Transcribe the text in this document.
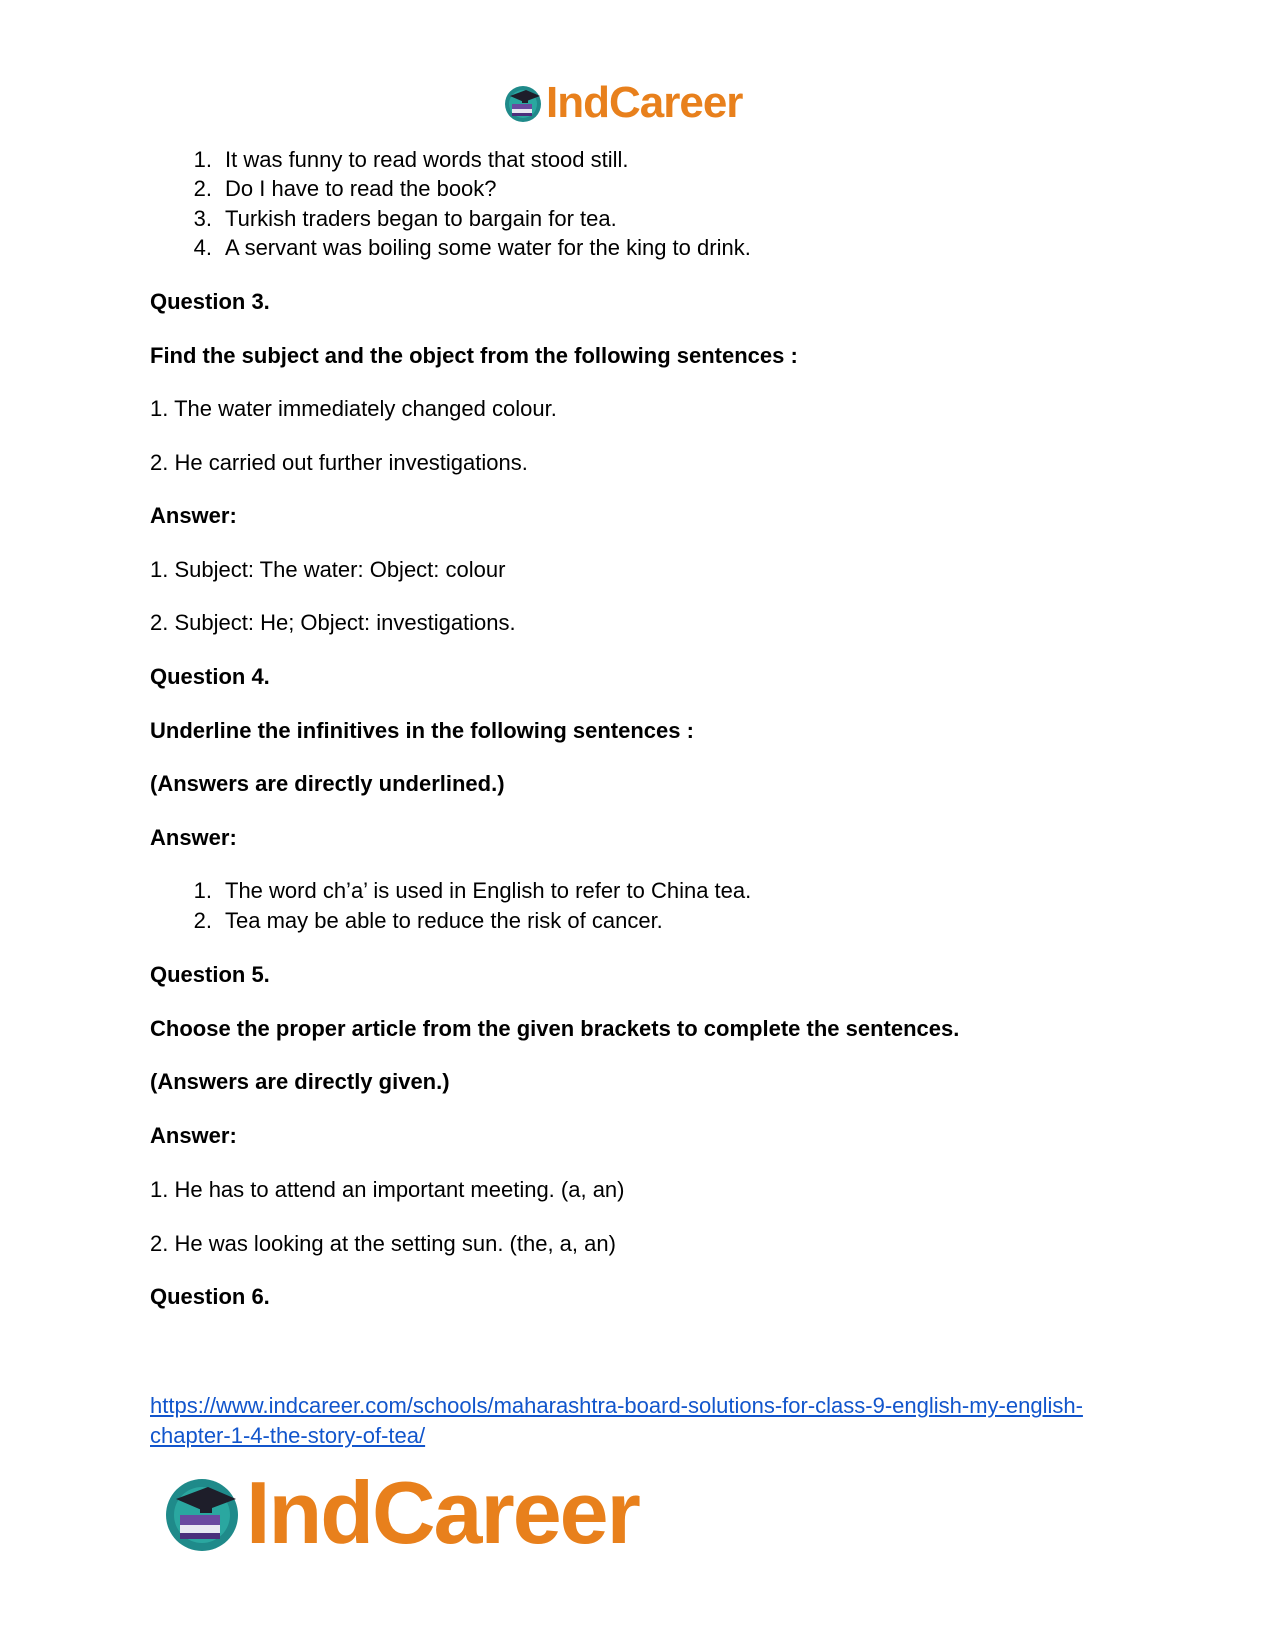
IndCareer
1. It was funny to read words that stood still.
2. Do I have to read the book?
3. Turkish traders began to bargain for tea.
4. A servant was boiling some water for the king to drink.
Question 3.
Find the subject and the object from the following sentences :
1. The water immediately changed colour.
2. He carried out further investigations.
Answer:
1. Subject: The water: Object: colour
2. Subject: He; Object: investigations.
Question 4.
Underline the infinitives in the following sentences :
(Answers are directly underlined.)
Answer:
1. The word ch’a’ is used in English to refer to China tea.
2. Tea may be able to reduce the risk of cancer.
Question 5.
Choose the proper article from the given brackets to complete the sentences.
(Answers are directly given.)
Answer:
1. He has to attend an important meeting. (a, an)
2. He was looking at the setting sun. (the, a, an)
Question 6.
https://www.indcareer.com/schools/maharashtra-board-solutions-for-class-9-english-my-english-
chapter-1-4-the-story-of-tea/
IndCareer
